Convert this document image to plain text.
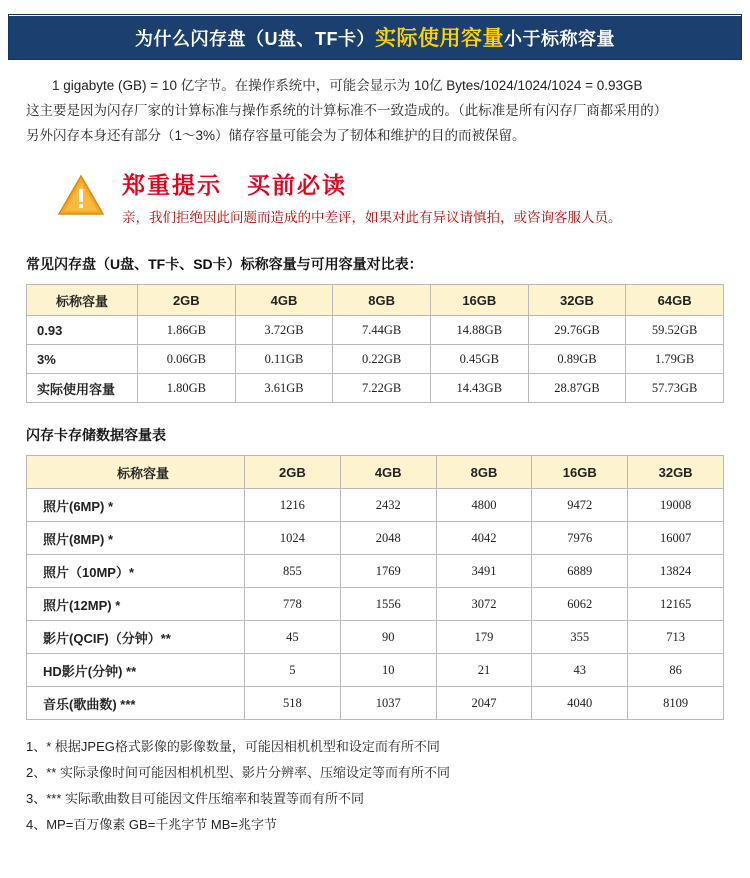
为什么闪存盘（U盘、TF卡）实际使用容量小于标称容量
1 gigabyte (GB) = 10 亿字节。在操作系统中，可能会显示为 10亿 Bytes/1024/1024/1024 = 0.93GB
这主要是因为闪存厂家的计算标准与操作系统的计算标准不一致造成的。（此标准是所有闪存厂商都采用的）
另外闪存本身还有部分（1～3%）储存容量可能会为了韧体和维护的目的而被保留。
郑重提示　买前必读
亲，我们拒绝因此问题而造成的中差评，如果对此有异议请慎拍，或咨询客服人员。
常见闪存盘（U盘、TF卡、SD卡）标称容量与可用容量对比表：
标称容量	2GB	4GB	8GB	16GB	32GB	64GB
0.93	1.86GB	3.72GB	7.44GB	14.88GB	29.76GB	59.52GB
3%	0.06GB	0.11GB	0.22GB	0.45GB	0.89GB	1.79GB
实际使用容量	1.80GB	3.61GB	7.22GB	14.43GB	28.87GB	57.73GB
闪存卡存储数据容量表
标称容量	2GB	4GB	8GB	16GB	32GB
照片(6MP) *	1216	2432	4800	9472	19008
照片(8MP) *	1024	2048	4042	7976	16007
照片（10MP）*	855	1769	3491	6889	13824
照片(12MP) *	778	1556	3072	6062	12165
影片(QCIF)（分钟）**	45	90	179	355	713
HD影片(分钟) **	5	10	21	43	86
音乐(歌曲数) ***	518	1037	2047	4040	8109
1、* 根据JPEG格式影像的影像数量，可能因相机机型和设定而有所不同
2、** 实际录像时间可能因相机机型、影片分辨率、压缩设定等而有所不同
3、*** 实际歌曲数目可能因文件压缩率和装置等而有所不同
4、MP=百万像素 GB=千兆字节 MB=兆字节
